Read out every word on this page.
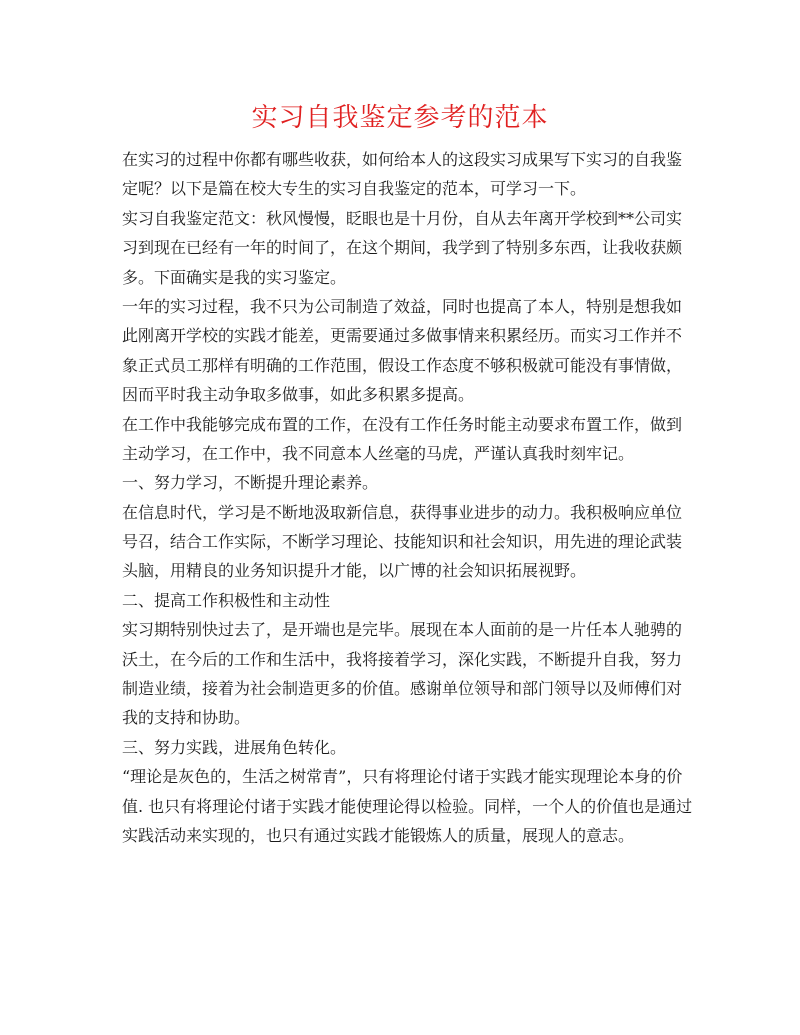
实习自我鉴定参考的范本
在实习的过程中你都有哪些收获，如何给本人的这段实习成果写下实习的自我鉴
定呢？以下是篇在校大专生的实习自我鉴定的范本，可学习一下。
实习自我鉴定范文：秋风慢慢，眨眼也是十月份，自从去年离开学校到**公司实
习到现在已经有一年的时间了，在这个期间，我学到了特别多东西，让我收获颇
多。下面确实是我的实习鉴定。
一年的实习过程，我不只为公司制造了效益，同时也提高了本人，特别是想我如
此刚离开学校的实践才能差，更需要通过多做事情来积累经历。而实习工作并不
象正式员工那样有明确的工作范围，假设工作态度不够积极就可能没有事情做，
因而平时我主动争取多做事，如此多积累多提高。
在工作中我能够完成布置的工作，在没有工作任务时能主动要求布置工作，做到
主动学习，在工作中，我不同意本人丝毫的马虎，严谨认真我时刻牢记。
一、努力学习，不断提升理论素养。
在信息时代，学习是不断地汲取新信息，获得事业进步的动力。我积极响应单位
号召，结合工作实际，不断学习理论、技能知识和社会知识，用先进的理论武装
头脑，用精良的业务知识提升才能，以广博的社会知识拓展视野。
二、提高工作积极性和主动性
实习期特别快过去了，是开端也是完毕。展现在本人面前的是一片任本人驰骋的
沃土，在今后的工作和生活中，我将接着学习，深化实践，不断提升自我，努力
制造业绩，接着为社会制造更多的价值。感谢单位领导和部门领导以及师傅们对
我的支持和协助。
三、努力实践，进展角色转化。
“理论是灰色的，生活之树常青”，只有将理论付诸于实践才能实现理论本身的价
值. 也只有将理论付诸于实践才能使理论得以检验。同样，一个人的价值也是通过
实践活动来实现的，也只有通过实践才能锻炼人的质量，展现人的意志。
